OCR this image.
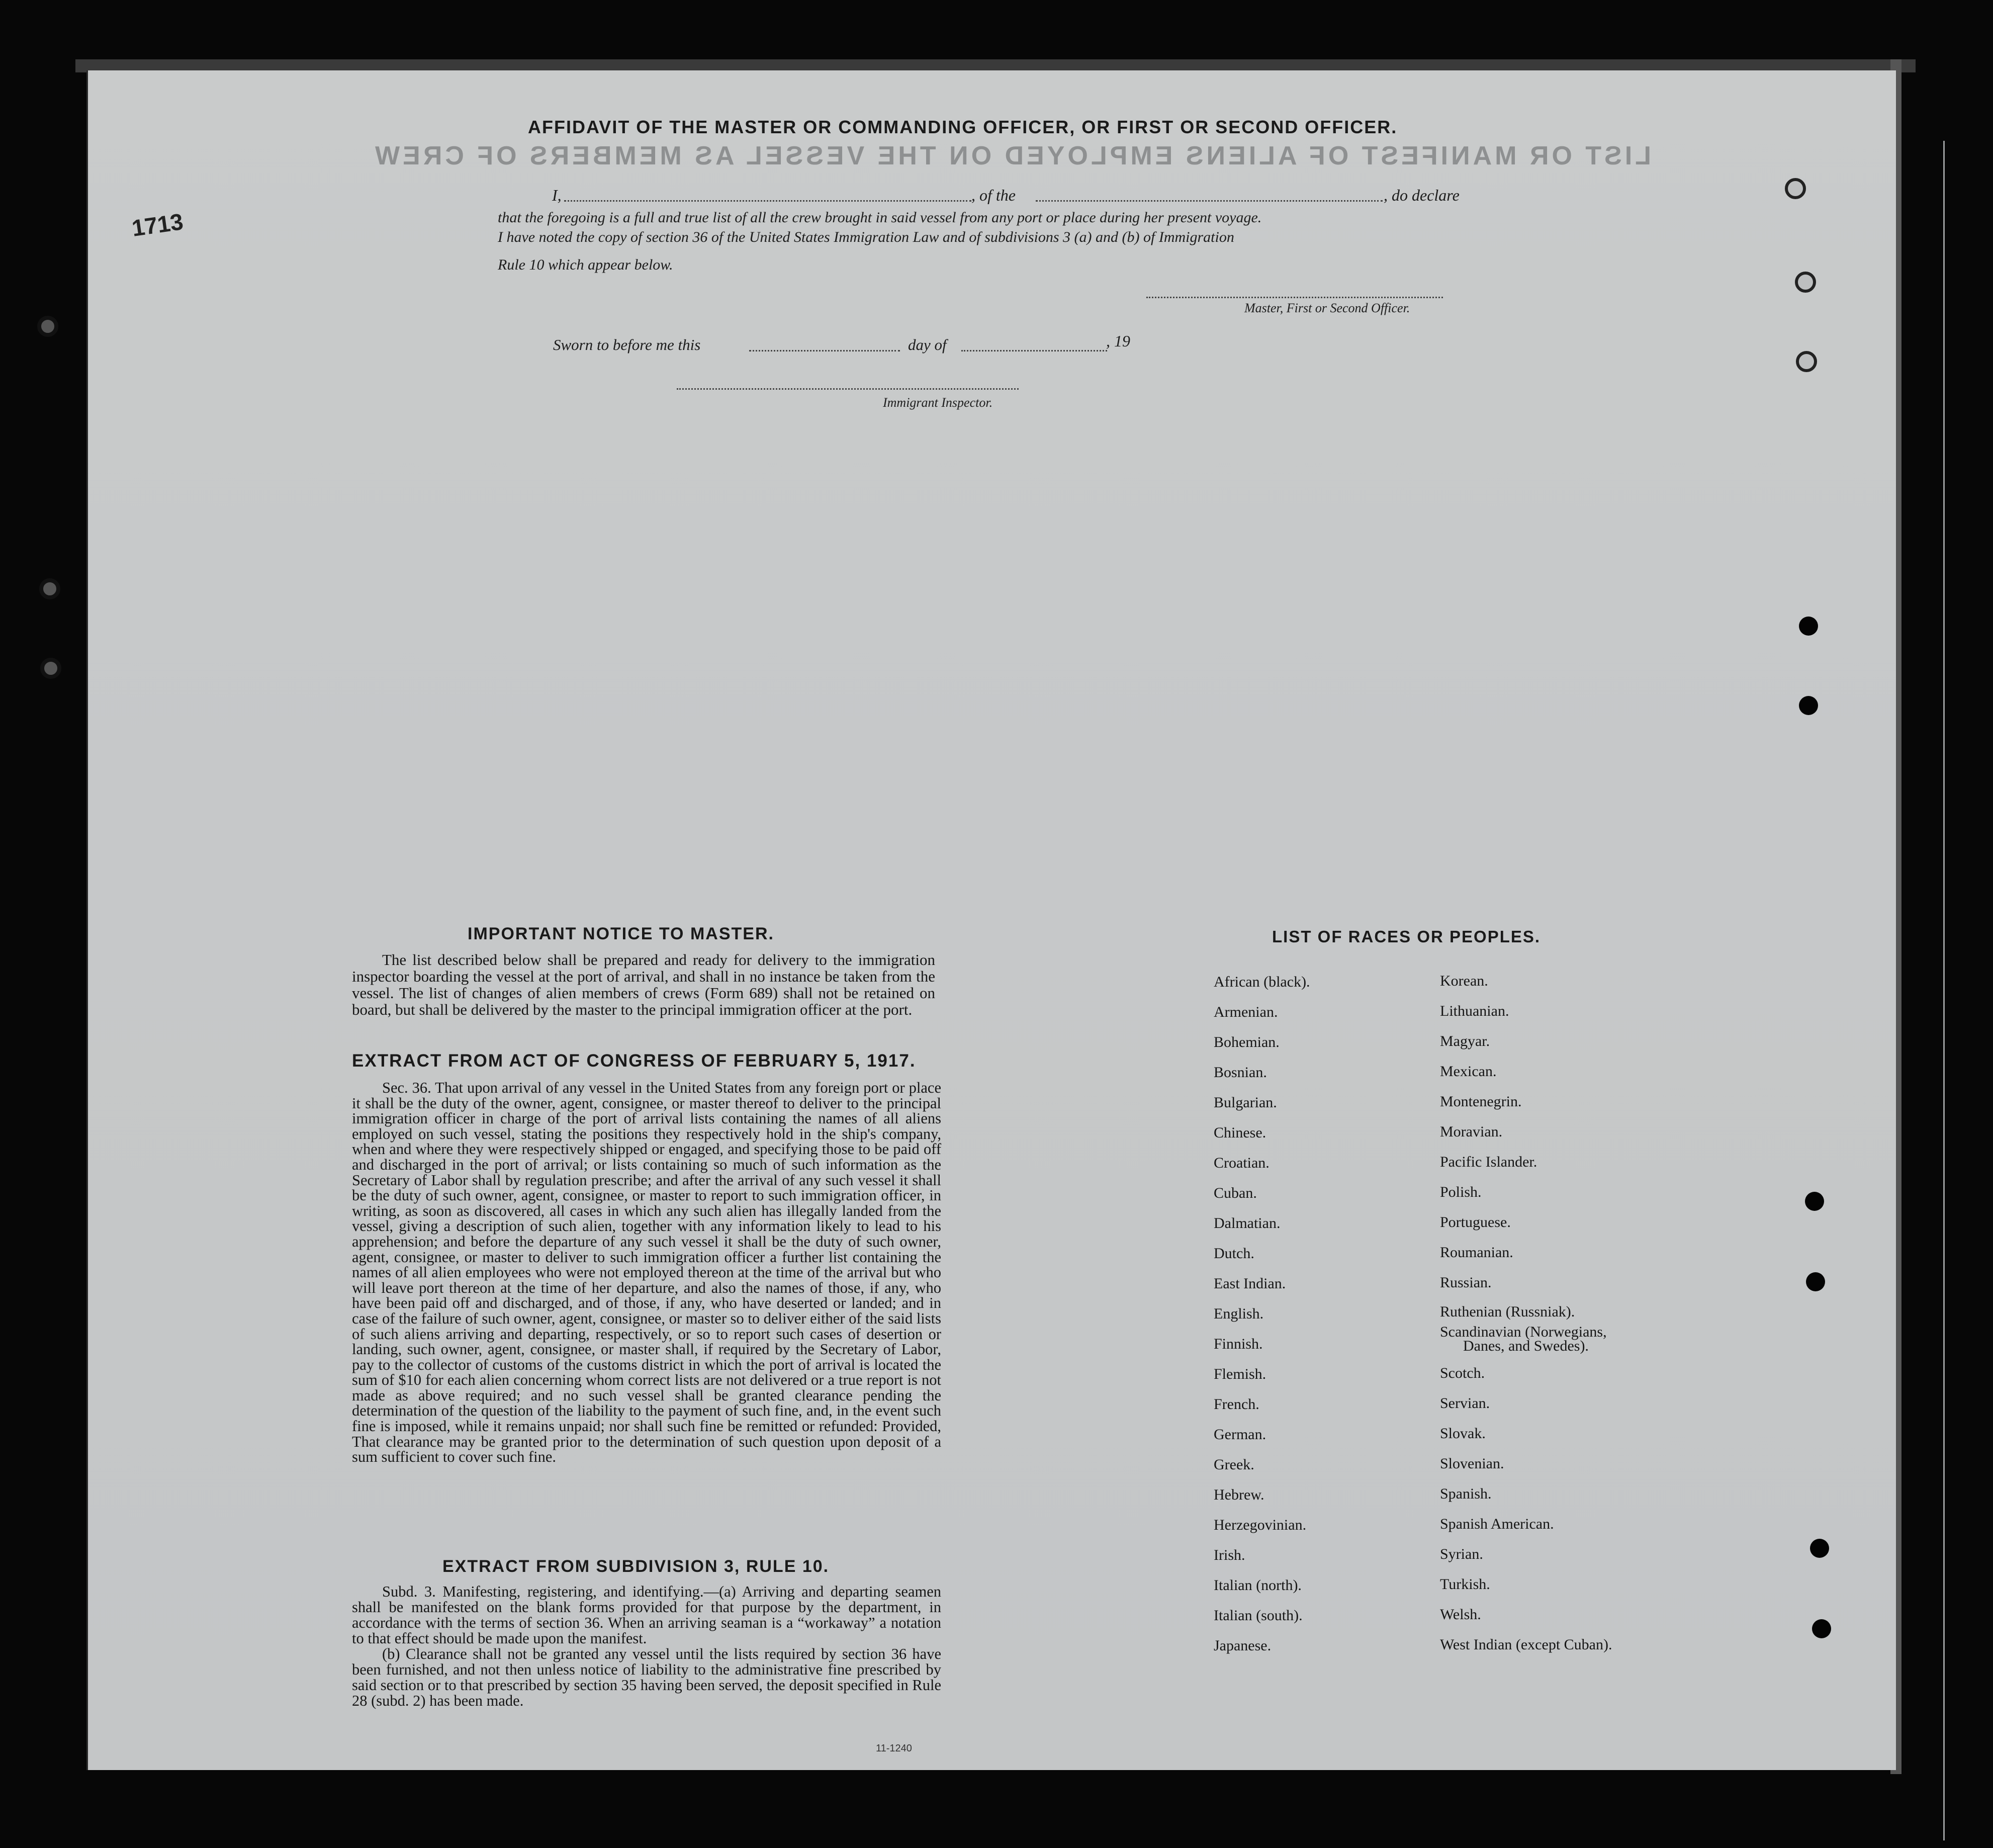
LIST OR MANIFEST OF ALIENS EMPLOYED ON THE VESSEL AS MEMBERS OF CREW
1713
AFFIDAVIT OF THE MASTER OR COMMANDING OFFICER, OR FIRST OR SECOND OFFICER.
I,	, of the	, do declare
that the foregoing is a full and true list of all the crew brought in said vessel from any port or place during her present voyage.
I have noted the copy of section 36 of the United States Immigration Law and of subdivisions 3 (a) and (b) of Immigration
Rule 10 which appear below.
Master, First or Second Officer.
Sworn to before me this	day of	, 19
Immigrant Inspector.
IMPORTANT NOTICE TO MASTER.

The list described below shall be prepared and ready for delivery to the immigration inspector boarding the vessel at the port of arrival, and shall in no instance be taken from the vessel. The list of changes of alien members of crews (Form 689) shall not be retained on board, but shall be delivered by the master to the principal immigration officer at the port.

EXTRACT FROM ACT OF CONGRESS OF FEBRUARY 5, 1917.

Sec. 36. That upon arrival of any vessel in the United States from any foreign port or place it shall be the duty of the owner, agent, consignee, or master thereof to deliver to the principal immigration officer in charge of the port of arrival lists containing the names of all aliens employed on such vessel, stating the positions they respectively hold in the ship's company, when and where they were respectively shipped or engaged, and specifying those to be paid off and discharged in the port of arrival; or lists containing so much of such information as the Secretary of Labor shall by regulation prescribe; and after the arrival of any such vessel it shall be the duty of such owner, agent, consignee, or master to report to such immigration officer, in writing, as soon as discovered, all cases in which any such alien has illegally landed from the vessel, giving a description of such alien, together with any information likely to lead to his apprehension; and before the departure of any such vessel it shall be the duty of such owner, agent, consignee, or master to deliver to such immigration officer a further list containing the names of all alien employees who were not employed thereon at the time of the arrival but who will leave port thereon at the time of her departure, and also the names of those, if any, who have been paid off and discharged, and of those, if any, who have deserted or landed; and in case of the failure of such owner, agent, consignee, or master so to deliver either of the said lists of such aliens arriving and departing, respectively, or so to report such cases of desertion or landing, such owner, agent, consignee, or master shall, if required by the Secretary of Labor, pay to the collector of customs of the customs district in which the port of arrival is located the sum of $10 for each alien concerning whom correct lists are not delivered or a true report is not made as above required; and no such vessel shall be granted clearance pending the determination of the question of the liability to the payment of such fine, and, in the event such fine is imposed, while it remains unpaid; nor shall such fine be remitted or refunded: Provided, That clearance may be granted prior to the determination of such question upon deposit of a sum sufficient to cover such fine.

EXTRACT FROM SUBDIVISION 3, RULE 10.

Subd. 3. Manifesting, registering, and identifying.—(a) Arriving and departing seamen shall be manifested on the blank forms provided for that purpose by the department, in accordance with the terms of section 36. When an arriving seaman is a “workaway” a notation to that effect should be made upon the manifest.

(b) Clearance shall not be granted any vessel until the lists required by section 36 have been furnished, and not then unless notice of liability to the administrative fine prescribed by said section or to that prescribed by section 35 having been served, the deposit specified in Rule 28 (subd. 2) has been made.

11-1240
LIST OF RACES OR PEOPLES.
African (black).
Armenian.
Bohemian.
Bosnian.
Bulgarian.
Chinese.
Croatian.
Cuban.
Dalmatian.
Dutch.
East Indian.
English.
Finnish.
Flemish.
French.
German.
Greek.
Hebrew.
Herzegovinian.
Irish.
Italian (north).
Italian (south).
Japanese.
Korean.
Lithuanian.
Magyar.
Mexican.
Montenegrin.
Moravian.
Pacific Islander.
Polish.
Portuguese.
Roumanian.
Russian.
Ruthenian (Russniak).
Scandinavian (Norwegians,
Danes, and Swedes).
Scotch.
Servian.
Slovak.
Slovenian.
Spanish.
Spanish American.
Syrian.
Turkish.
Welsh.
West Indian (except Cuban).
